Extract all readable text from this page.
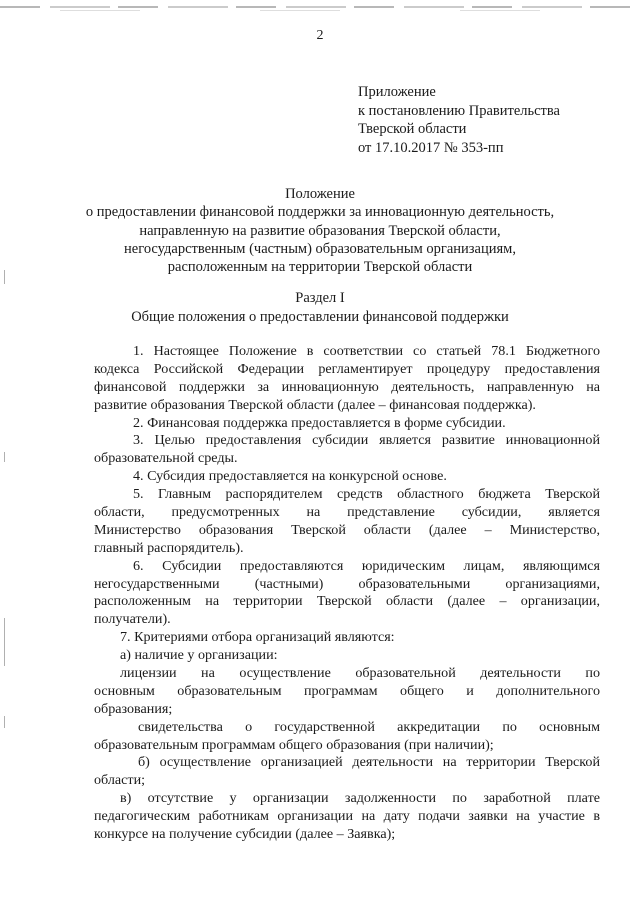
2
Приложение
к постановлению Правительства
Тверской области
от 17.10.2017 № 353-пп
Положение
о предоставлении финансовой поддержки за инновационную деятельность,
направленную на развитие образования Тверской области,
негосударственным (частным) образовательным организациям,
расположенным на территории Тверской области
Раздел I
Общие положения о предоставлении финансовой поддержки
1. Настоящее Положение в соответствии со статьей 78.1 Бюджетного
кодекса Российской Федерации регламентирует процедуру предоставления
финансовой поддержки за инновационную деятельность, направленную на
развитие образования Тверской области (далее – финансовая поддержка).
2. Финансовая поддержка предоставляется в форме субсидии.
3. Целью предоставления субсидии является развитие инновационной
образовательной среды.
4. Субсидия предоставляется на конкурсной основе.
5. Главным распорядителем средств областного бюджета Тверской
области, предусмотренных на представление субсидии, является
Министерство образования Тверской области (далее – Министерство,
главный распорядитель).
6. Субсидии предоставляются юридическим лицам, являющимся
негосударственными (частными) образовательными организациями,
расположенным на территории Тверской области (далее – организации,
получатели).
7. Критериями отбора организаций являются:
а) наличие у организации:
лицензии на осуществление образовательной деятельности по
основным образовательным программам общего и дополнительного
образования;
свидетельства о государственной аккредитации по основным
образовательным программам общего образования (при наличии);
б) осуществление организацией деятельности на территории Тверской
области;
в) отсутствие у организации задолженности по заработной плате
педагогическим работникам организации на дату подачи заявки на участие в
конкурсе на получение субсидии (далее – Заявка);
